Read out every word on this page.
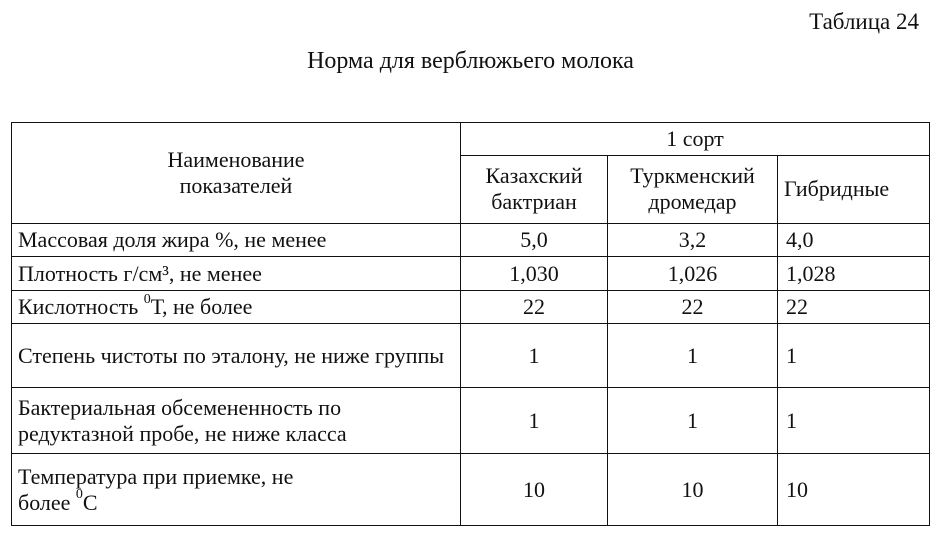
Таблица 24
Норма для верблюжьего молока
Наименование показателей	1 сорт		

	Казахский бактриан	Туркменский дромедар	Гибридные
Массовая доля жира %, не менее	5,0	3,2	4,0
Плотность г/см³, не менее	1,030	1,026	1,028
Кислотность $^0$Т, не более	22	22	22
Степень чистоты по эталону, не ниже группы	1	1	1
Бактериальная обсемененность по редуктазной пробе, не ниже класса	1	1	1

Температура при приемке, не более $^0$С	10	10	10
